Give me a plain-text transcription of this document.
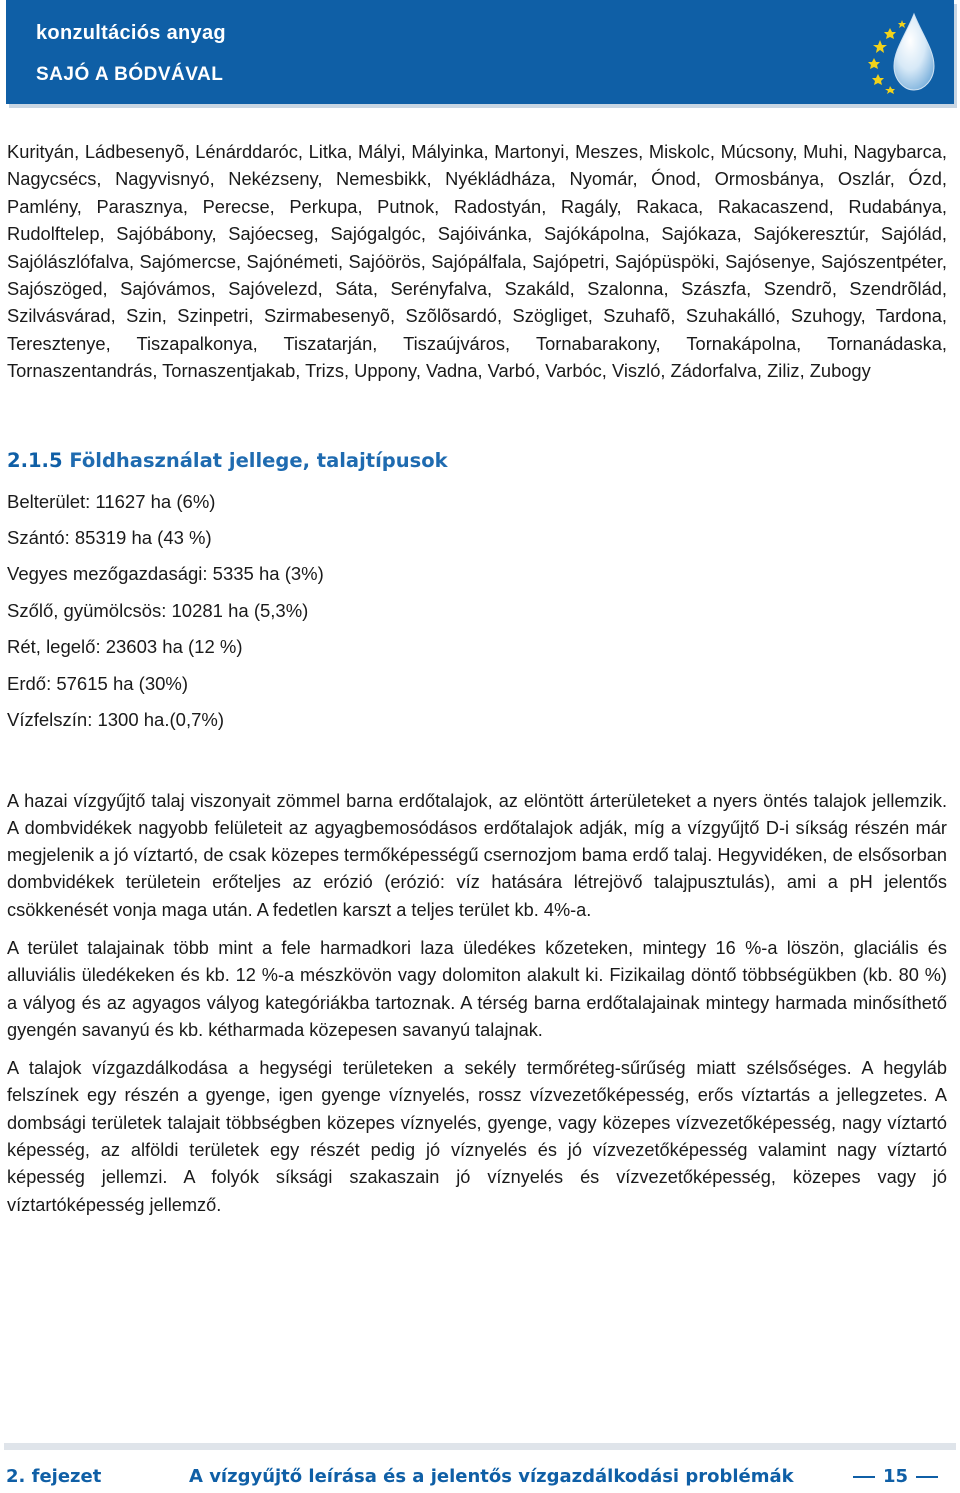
konzultációs anyag
SAJÓ A BÓDVÁVAL

Kurityán, Ládbesenyõ, Lénárddaróc, Litka, Mályi, Mályinka, Martonyi, Meszes, Miskolc, Múcsony, Muhi, Nagybarca, Nagycsécs, Nagyvisnyó, Nekézseny, Nemesbikk, Nyékládháza, Nyomár, Ónod, Ormosbánya, Oszlár, Ózd, Pamlény, Parasznya, Perecse, Perkupa, Putnok, Radostyán, Ragály, Rakaca, Rakacaszend, Rudabánya, Rudolftelep, Sajóbábony, Sajóecseg, Sajógalgóc, Sajóivánka, Sajókápolna, Sajókaza, Sajókeresztúr, Sajólád, Sajólászlófalva, Sajómercse, Sajónémeti, Sajóörös, Sajópálfala, Sajópetri, Sajópüspöki, Sajósenye, Sajószentpéter, Sajószöged, Sajóvámos, Sajóvelezd, Sáta, Serényfalva, Szakáld, Szalonna, Szászfa, Szendrõ, Szendrõlád, Szilvásvárad, Szin, Szinpetri, Szirmabesenyõ, Szõlõsardó, Szögliget, Szuhafõ, Szuhakálló, Szuhogy, Tardona, Teresztenye, Tiszapalkonya, Tiszatarján, Tiszaújváros, Tornabarakony, Tornakápolna, Tornanádaska, Tornaszentandrás, Tornaszentjakab, Trizs, Uppony, Vadna, Varbó, Varbóc, Viszló, Zádorfalva, Ziliz, Zubogy

2.1.5 Földhasználat jellege, talajtípusok
Belterület: 11627 ha (6%)
Szántó: 85319 ha (43 %)
Vegyes mezőgazdasági: 5335 ha (3%)
Szőlő, gyümölcsös: 10281 ha (5,3%)
Rét, legelő: 23603 ha (12 %)
Erdő: 57615 ha (30%)
Vízfelszín: 1300 ha.(0,7%)

A hazai vízgyűjtő talaj viszonyait zömmel barna erdőtalajok, az elöntött árterületeket a nyers öntés talajok jellemzik. A dombvidékek nagyobb felületeit az agyagbemosódásos erdőtalajok adják, míg a vízgyűjtő D-i síkság részén már megjelenik a jó víztartó, de csak közepes termőképességű csernozjom bama erdő talaj. Hegyvidéken, de elsősorban dombvidékek területein erőteljes az erózió (erózió: víz hatására létrejövő talajpusztulás), ami a pH jelentős csökkenését vonja maga után. A fedetlen karszt a teljes terület kb. 4%-a.

A terület talajainak több mint a fele harmadkori laza üledékes kőzeteken, mintegy 16 %-a löszön, glaciális és alluviális üledékeken és kb. 12 %-a mészkövön vagy dolomiton alakult ki. Fizikailag döntő többségükben (kb. 80 %) a vályog és az agyagos vályog kategóriákba tartoznak. A térség barna erdőtalajainak mintegy harmada minősíthető gyengén savanyú és kb. kétharmada közepesen savanyú talajnak.

A talajok vízgazdálkodása a hegységi területeken a sekély termőréteg-sűrűség miatt szélsőséges. A hegyláb felszínek egy részén a gyenge, igen gyenge víznyelés, rossz vízvezetőképesség, erős víztartás a jellegzetes. A dombsági területek talajait többségben közepes víznyelés, gyenge, vagy közepes vízvezetőképesség, nagy víztartó képesség, az alföldi területek egy részét pedig jó víznyelés és jó vízvezetőképesség valamint nagy víztartó képesség jellemzi. A folyók síksági szakaszain jó víznyelés és vízvezetőképesség, közepes vagy jó víztartóképesség jellemző.

2. fejezet	A vízgyűjtő leírása és a jelentős vízgazdálkodási problémák	15
